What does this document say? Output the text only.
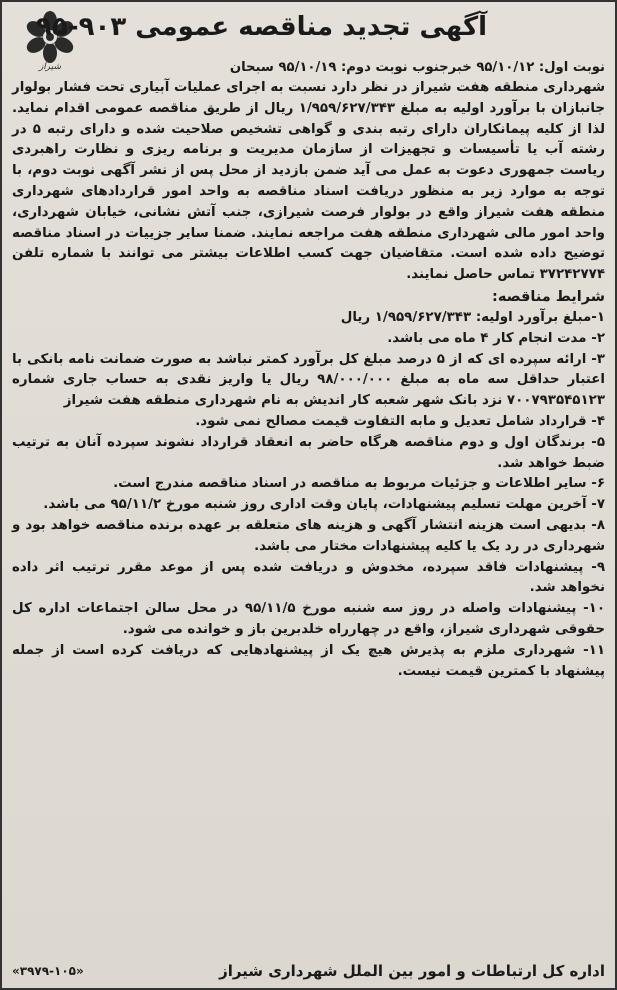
شیراز
آگهی تجدید مناقصه عمومی ۹۰۳-۹۵
نوبت اول: ۹۵/۱۰/۱۲ خبرجنوب نوبت دوم: ۹۵/۱۰/۱۹ سبحان
شهرداری منطقه هفت شیراز در نظر دارد نسبت به اجرای عملیات آبیاری تحت فشار بولوار جانبازان با برآورد اولیه به مبلغ ۱/۹۵۹/۶۲۷/۳۴۳ ریال از طریق مناقصه عمومی اقدام نماید. لذا از کلیه پیمانکاران دارای رتبه بندی و گواهی تشخیص صلاحیت شده و دارای رتبه ۵ در رشته آب یا تأسیسات و تجهیزات از سازمان مدیریت و برنامه ریزی و نظارت راهبردی ریاست جمهوری دعوت به عمل می آید ضمن بازدید از محل پس از نشر آگهی نوبت دوم، با توجه به موارد زیر به منظور دریافت اسناد مناقصه به واحد امور قراردادهای شهرداری منطقه هفت شیراز واقع در بولوار فرصت شیرازی، جنب آتش نشانی، خیابان شهرداری، واحد امور مالی شهرداری منطقه هفت مراجعه نمایند. ضمنا سایر جزییات در اسناد مناقصه توضیح داده شده است. متقاضیان جهت کسب اطلاعات بیشتر می توانند با شماره تلفن ۳۷۲۴۲۷۷۴ تماس حاصل نمایند.
شرایط مناقصه:

۱-مبلغ برآورد اولیه: ۱/۹۵۹/۶۲۷/۳۴۳ ریال

۲- مدت انجام کار ۴ ماه می باشد.

۳- ارائه سپرده ای که از ۵ درصد مبلغ کل برآورد کمتر نباشد به صورت ضمانت نامه بانکی با اعتبار حداقل سه ماه به مبلغ ۹۸/۰۰۰/۰۰۰ ریال یا واریز نقدی به حساب جاری شماره ۷۰۰۷۹۳۵۴۵۱۲۳ نزد بانک شهر شعبه کار اندیش به نام شهرداری منطقه هفت شیراز

۴- قرارداد شامل تعدیل و مابه التفاوت قیمت مصالح نمی شود.

۵- برندگان اول و دوم مناقصه هرگاه حاضر به انعقاد قرارداد نشوند سپرده آنان به ترتیب ضبط خواهد شد.

۶- سایر اطلاعات و جزئیات مربوط به مناقصه در اسناد مناقصه مندرج است.

۷- آخرین مهلت تسلیم پیشنهادات، پایان وقت اداری روز شنبه مورخ ۹۵/۱۱/۲ می باشد.

۸- بدیهی است هزینه انتشار آگهی و هزینه های متعلقه بر عهده برنده مناقصه خواهد بود و شهرداری در رد یک یا کلیه پیشنهادات مختار می باشد.

۹- پیشنهادات فاقد سپرده، مخدوش و دریافت شده پس از موعد مقرر ترتیب اثر داده نخواهد شد.

۱۰- پیشنهادات واصله در روز سه شنبه مورخ ۹۵/۱۱/۵ در محل سالن اجتماعات اداره کل حقوقی شهرداری شیراز، واقع در چهارراه خلدبرین باز و خوانده می شود.

۱۱- شهرداری ملزم به پذیرش هیچ یک از پیشنهادهایی که دریافت کرده است از جمله پیشنهاد با کمترین قیمت نیست.

اداره کل ارتباطات و امور بین الملل شهرداری شیراز
«۳۹۷۹-۱۰۵»
